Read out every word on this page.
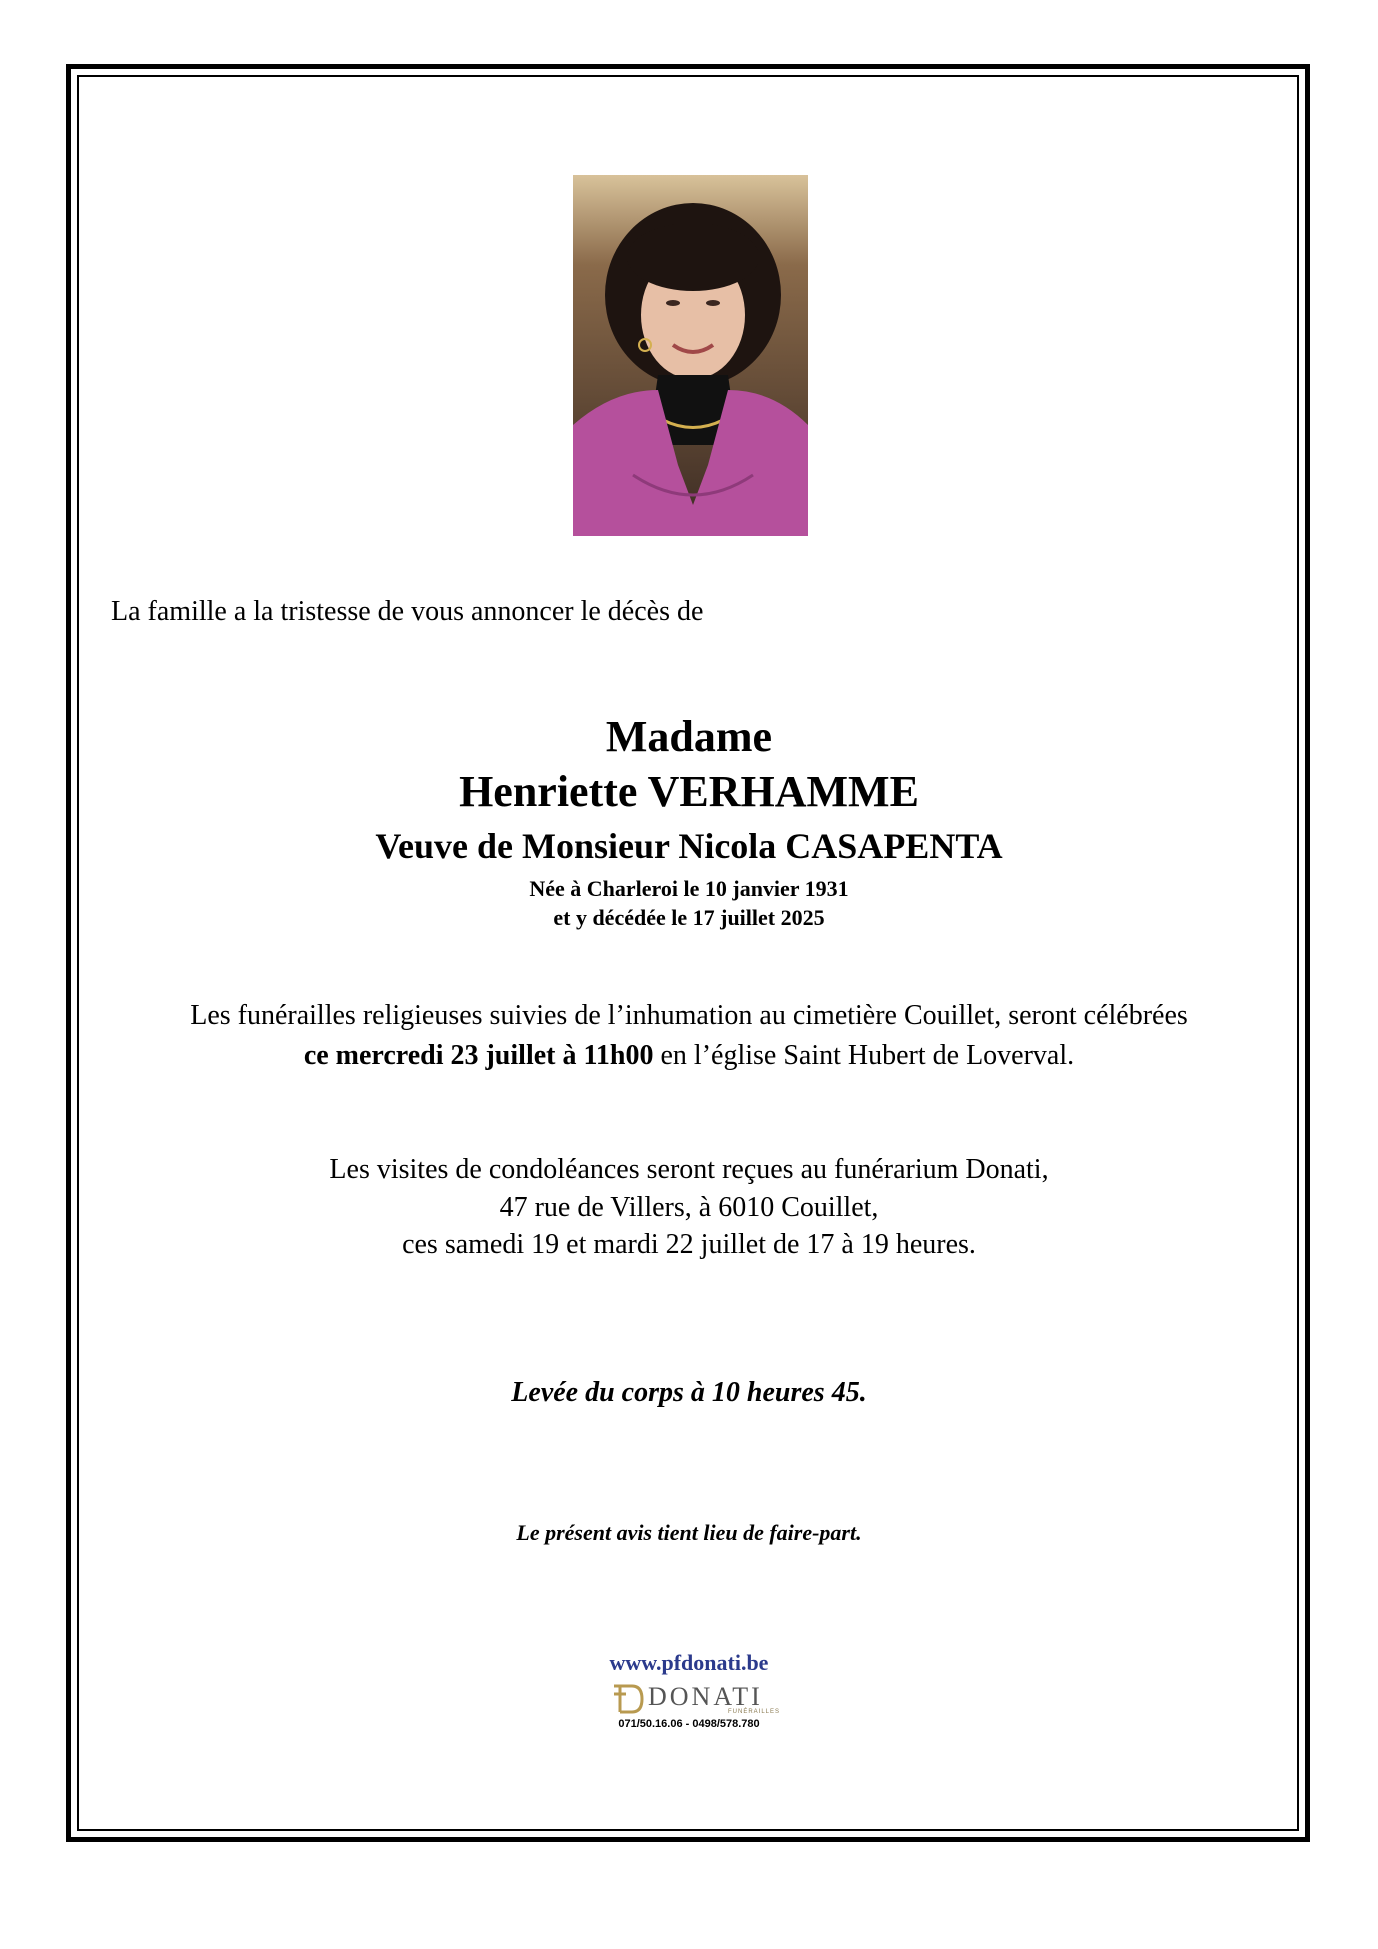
La famille a la tristesse de vous annoncer le décès de
Madame
Henriette VERHAMME
Veuve de Monsieur Nicola CASAPENTA
Née à Charleroi le 10 janvier 1931
et y décédée le 17 juillet 2025
Les funérailles religieuses suivies de l’inhumation au cimetière Couillet, seront célébrées
ce mercredi 23 juillet à 11h00 en l’église Saint Hubert de Loverval.
Les visites de condoléances seront reçues au funérarium Donati,
47 rue de Villers, à 6010 Couillet,
ces samedi 19 et mardi 22 juillet de 17 à 19 heures.
Levée du corps à 10 heures 45.
Le présent avis tient lieu de faire-part.
www.pfdonati.be
DONATI
FUNÉRAILLES
071/50.16.06 - 0498/578.780
